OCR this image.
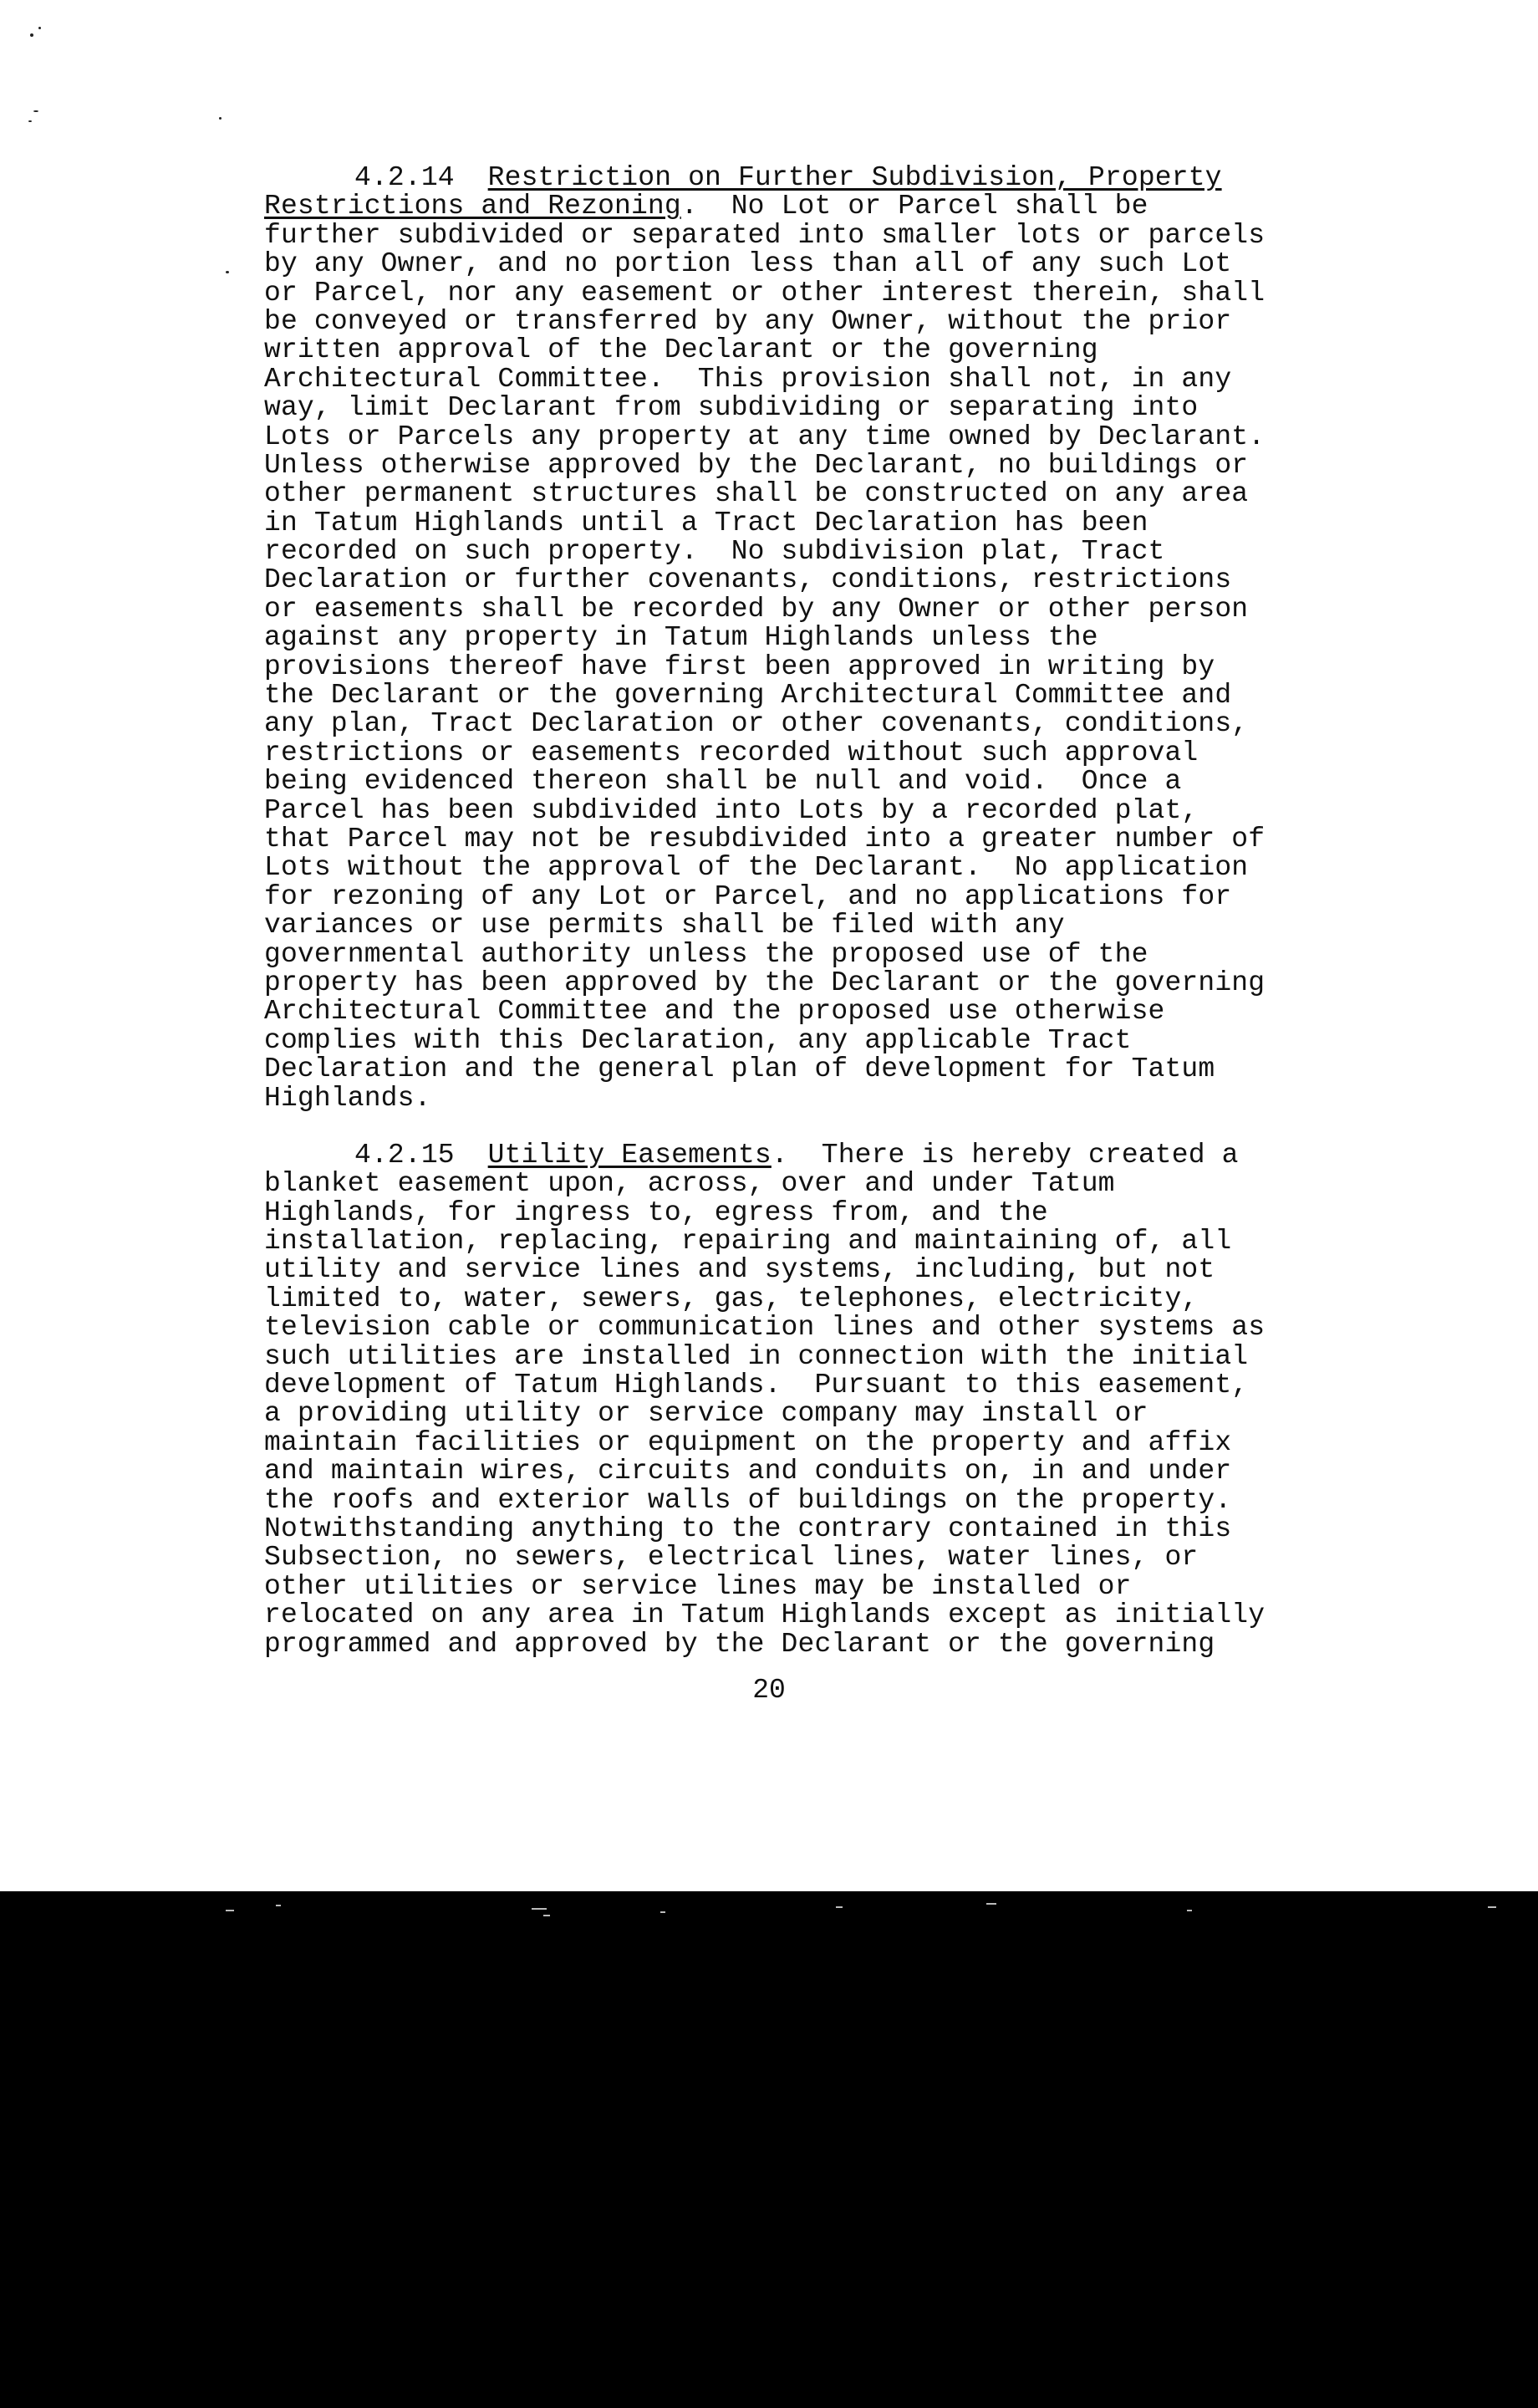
4.2.14 Restriction on Further Subdivision, Property
Restrictions and Rezoning.  No Lot or Parcel shall be
further subdivided or separated into smaller lots or parcels
by any Owner, and no portion less than all of any such Lot
or Parcel, nor any easement or other interest therein, shall
be conveyed or transferred by any Owner, without the prior
written approval of the Declarant or the governing
Architectural Committee.  This provision shall not, in any
way, limit Declarant from subdividing or separating into
Lots or Parcels any property at any time owned by Declarant.
Unless otherwise approved by the Declarant, no buildings or
other permanent structures shall be constructed on any area
in Tatum Highlands until a Tract Declaration has been
recorded on such property.  No subdivision plat, Tract
Declaration or further covenants, conditions, restrictions
or easements shall be recorded by any Owner or other person
against any property in Tatum Highlands unless the
provisions thereof have first been approved in writing by
the Declarant or the governing Architectural Committee and
any plan, Tract Declaration or other covenants, conditions,
restrictions or easements recorded without such approval
being evidenced thereon shall be null and void.  Once a
Parcel has been subdivided into Lots by a recorded plat,
that Parcel may not be resubdivided into a greater number of
Lots without the approval of the Declarant.  No application
for rezoning of any Lot or Parcel, and no applications for
variances or use permits shall be filed with any
governmental authority unless the proposed use of the
property has been approved by the Declarant or the governing
Architectural Committee and the proposed use otherwise
complies with this Declaration, any applicable Tract
Declaration and the general plan of development for Tatum
Highlands.
4.2.15 Utility Easements.  There is hereby created a
blanket easement upon, across, over and under Tatum
Highlands, for ingress to, egress from, and the
installation, replacing, repairing and maintaining of, all
utility and service lines and systems, including, but not
limited to, water, sewers, gas, telephones, electricity,
television cable or communication lines and other systems as
such utilities are installed in connection with the initial
development of Tatum Highlands.  Pursuant to this easement,
a providing utility or service company may install or
maintain facilities or equipment on the property and affix
and maintain wires, circuits and conduits on, in and under
the roofs and exterior walls of buildings on the property.
Notwithstanding anything to the contrary contained in this
Subsection, no sewers, electrical lines, water lines, or
other utilities or service lines may be installed or
relocated on any area in Tatum Highlands except as initially
programmed and approved by the Declarant or the governing
20
